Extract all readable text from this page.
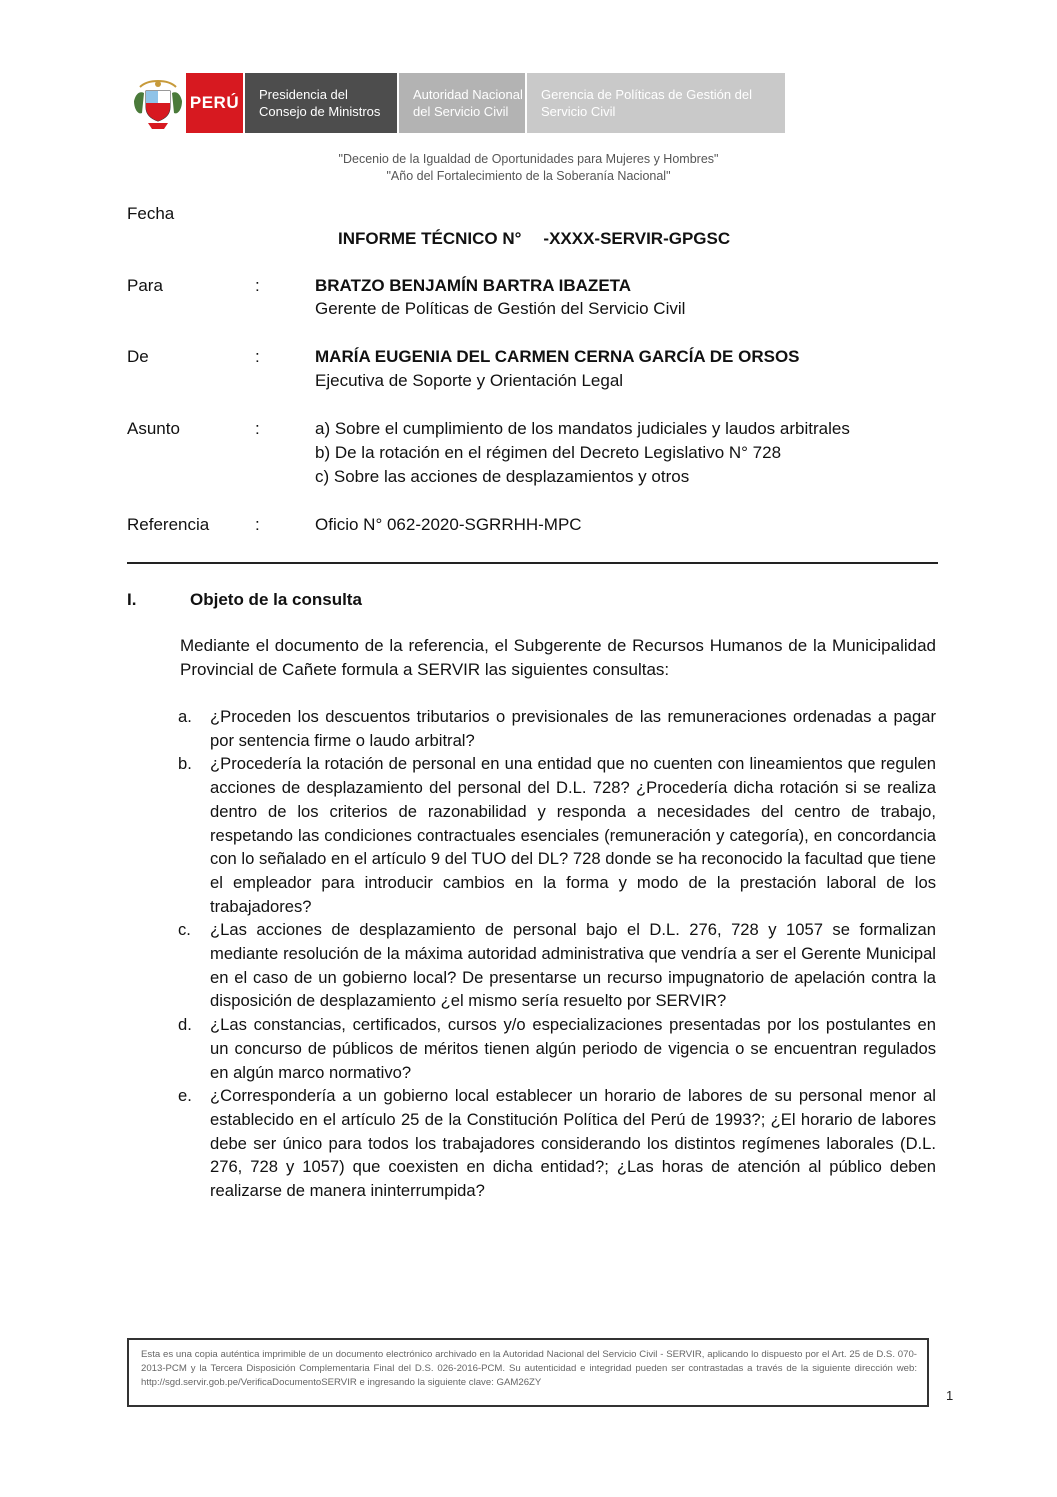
PERÚ	Presidencia del
Consejo de Ministros
Autoridad Nacional
del Servicio Civil
Gerencia de Políticas de Gestión del
Servicio Civil
"Decenio de la Igualdad de Oportunidades para Mujeres y Hombres"
"Año del Fortalecimiento de la Soberanía Nacional"
Fecha
INFORME TÉCNICO N° -XXXX-SERVIR-GPGSC
Para	:	BRATZO BENJAMÍN BARTRA IBAZETA
Gerente de Políticas de Gestión del Servicio Civil
De	:	MARÍA EUGENIA DEL CARMEN CERNA GARCÍA DE ORSOS
Ejecutiva de Soporte y Orientación Legal
Asunto	:	a) Sobre el cumplimiento de los mandatos judiciales y laudos arbitrales
b) De la rotación en el régimen del Decreto Legislativo N° 728
c) Sobre las acciones de desplazamientos y otros
Referencia	:	Oficio N° 062-2020-SGRRHH-MPC
I.	Objeto de la consulta
Mediante el documento de la referencia, el Subgerente de Recursos Humanos de la Municipalidad Provincial de Cañete formula a SERVIR las siguientes consultas:
a.	¿Proceden los descuentos tributarios o previsionales de las remuneraciones ordenadas a pagar por sentencia firme o laudo arbitral?
b.	¿Procedería la rotación de personal en una entidad que no cuenten con lineamientos que regulen acciones de desplazamiento del personal del D.L. 728? ¿Procedería dicha rotación si se realiza dentro de los criterios de razonabilidad y responda a necesidades del centro de trabajo, respetando las condiciones contractuales esenciales (remuneración y categoría), en concordancia con lo señalado en el artículo 9 del TUO del DL? 728 donde se ha reconocido la facultad que tiene el empleador para introducir cambios en la forma y modo de la prestación laboral de los trabajadores?
c.	¿Las acciones de desplazamiento de personal bajo el D.L. 276, 728 y 1057 se formalizan mediante resolución de la máxima autoridad administrativa que vendría a ser el Gerente Municipal en el caso de un gobierno local? De presentarse un recurso impugnatorio de apelación contra la disposición de desplazamiento ¿el mismo sería resuelto por SERVIR?
d.	¿Las constancias, certificados, cursos y/o especializaciones presentadas por los postulantes en un concurso de públicos de méritos tienen algún periodo de vigencia o se encuentran regulados en algún marco normativo?
e.	¿Correspondería a un gobierno local establecer un horario de labores de su personal menor al establecido en el artículo 25 de la Constitución Política del Perú de 1993?; ¿El horario de labores debe ser único para todos los trabajadores considerando los distintos regímenes laborales (D.L. 276, 728 y 1057) que coexisten en dicha entidad?; ¿Las horas de atención al público deben realizarse de manera ininterrumpida?
Esta es una copia auténtica imprimible de un documento electrónico archivado en la Autoridad Nacional del Servicio Civil - SERVIR, aplicando lo dispuesto por el Art. 25 de D.S. 070-2013-PCM y la Tercera Disposición Complementaria Final del D.S. 026-2016-PCM. Su autenticidad e integridad pueden ser contrastadas a través de la siguiente dirección web: http://sgd.servir.gob.pe/VerificaDocumentoSERVIR e ingresando la siguiente clave: GAM26ZY
1
